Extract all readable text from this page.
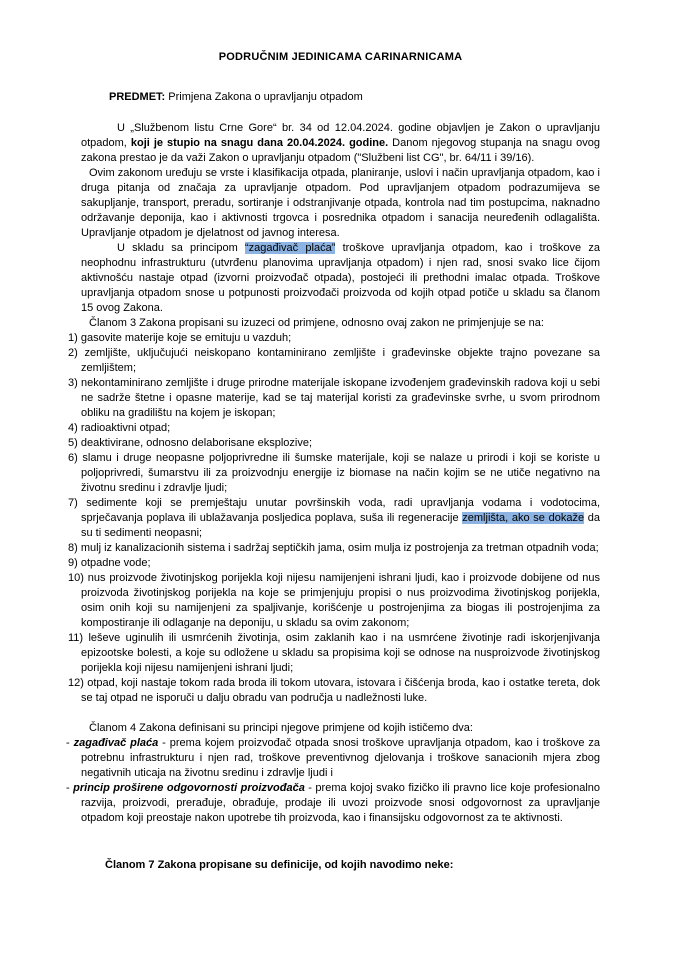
PODRUČNIM JEDINICAMA CARINARNICAMA

PREDMET: Primjena Zakona o upravljanju otpadom

U „Službenom listu Crne Gore“ br. 34 od 12.04.2024. godine objavljen je Zakon o upravljanju otpadom, koji je stupio na snagu dana 20.04.2024. godine. Danom njegovog stupanja na snagu ovog zakona prestao je da važi Zakon o upravljanju otpadom ("Službeni list CG", br. 64/11 i 39/16).

Ovim zakonom uređuju se vrste i klasifikacija otpada, planiranje, uslovi i način upravljanja otpadom, kao i druga pitanja od značaja za upravljanje otpadom. Pod upravljanjem otpadom podrazumijeva se sakupljanje, transport, preradu, sortiranje i odstranjivanje otpada, kontrola nad tim postupcima, naknadno održavanje deponija, kao i aktivnosti trgovca i posrednika otpadom i sanacija neuređenih odlagališta. Upravljanje otpadom je djelatnost od javnog interesa.

U skladu sa principom “zagađivač plaća” troškove upravljanja otpadom, kao i troškove za neophodnu infrastrukturu (utvrđenu planovima upravljanja otpadom) i njen rad, snosi svako lice čijom aktivnošću nastaje otpad (izvorni proizvođač otpada), postojeći ili prethodni imalac otpada. Troškove upravljanja otpadom snose u potpunosti proizvođači proizvoda od kojih otpad potiče u skladu sa članom 15 ovog Zakona.

Članom 3 Zakona propisani su izuzeci od primjene, odnosno ovaj zakon ne primjenjuje se na:

1) gasovite materije koje se emituju u vazduh;
2) zemljište, uključujući neiskopano kontaminirano zemljište i građevinske objekte trajno povezane sa zemljištem;
3) nekontaminirano zemljište i druge prirodne materijale iskopane izvođenjem građevinskih radova koji u sebi ne sadrže štetne i opasne materije, kad se taj materijal koristi za građevinske svrhe, u svom prirodnom obliku na gradilištu na kojem je iskopan;
4) radioaktivni otpad;
5) deaktivirane, odnosno delaborisane eksplozive;
6) slamu i druge neopasne poljoprivredne ili šumske materijale, koji se nalaze u prirodi i koji se koriste u poljoprivredi, šumarstvu ili za proizvodnju energije iz biomase na način kojim se ne utiče negativno na životnu sredinu i zdravlje ljudi;
7) sedimente koji se premještaju unutar površinskih voda, radi upravljanja vodama i vodotocima, sprječavanja poplava ili ublažavanja posljedica poplava, suša ili regeneracije zemljišta, ako se dokaže da su ti sedimenti neopasni;
8) mulj iz kanalizacionih sistema i sadržaj septičkih jama, osim mulja iz postrojenja za tretman otpadnih voda;
9) otpadne vode;
10) nus proizvode životinjskog porijekla koji nijesu namijenjeni ishrani ljudi, kao i proizvode dobijene od nus proizvoda životinjskog porijekla na koje se primjenjuju propisi o nus proizvodima životinjskog porijekla, osim onih koji su namijenjeni za spaljivanje, korišćenje u postrojenjima za biogas ili postrojenjima za kompostiranje ili odlaganje na deponiju, u skladu sa ovim zakonom;
11) leševe uginulih ili usmrćenih životinja, osim zaklanih kao i na usmrćene životinje radi iskorjenjivanja epizootske bolesti, a koje su odložene u skladu sa propisima koji se odnose na nusproizvode životinjskog porijekla koji nijesu namijenjeni ishrani ljudi;
12) otpad, koji nastaje tokom rada broda ili tokom utovara, istovara i čišćenja broda, kao i ostatke tereta, dok se taj otpad ne isporuči u dalju obradu van područja u nadležnosti luke.

Članom 4 Zakona definisani su principi njegove primjene od kojih ističemo dva:

- zagađivač plaća - prema kojem proizvođač otpada snosi troškove upravljanja otpadom, kao i troškove za potrebnu infrastrukturu i njen rad, troškove preventivnog djelovanja i troškove sanacionih mjera zbog negativnih uticaja na životnu sredinu i zdravlje ljudi i
- princip proširene odgovornosti proizvođača - prema kojoj svako fizičko ili pravno lice koje profesionalno razvija, proizvodi, prerađuje, obrađuje, prodaje ili uvozi proizvode snosi odgovornost za upravljanje otpadom koji preostaje nakon upotrebe tih proizvoda, kao i finansijsku odgovornost za te aktivnosti.

Članom 7 Zakona propisane su definicije, od kojih navodimo neke:
